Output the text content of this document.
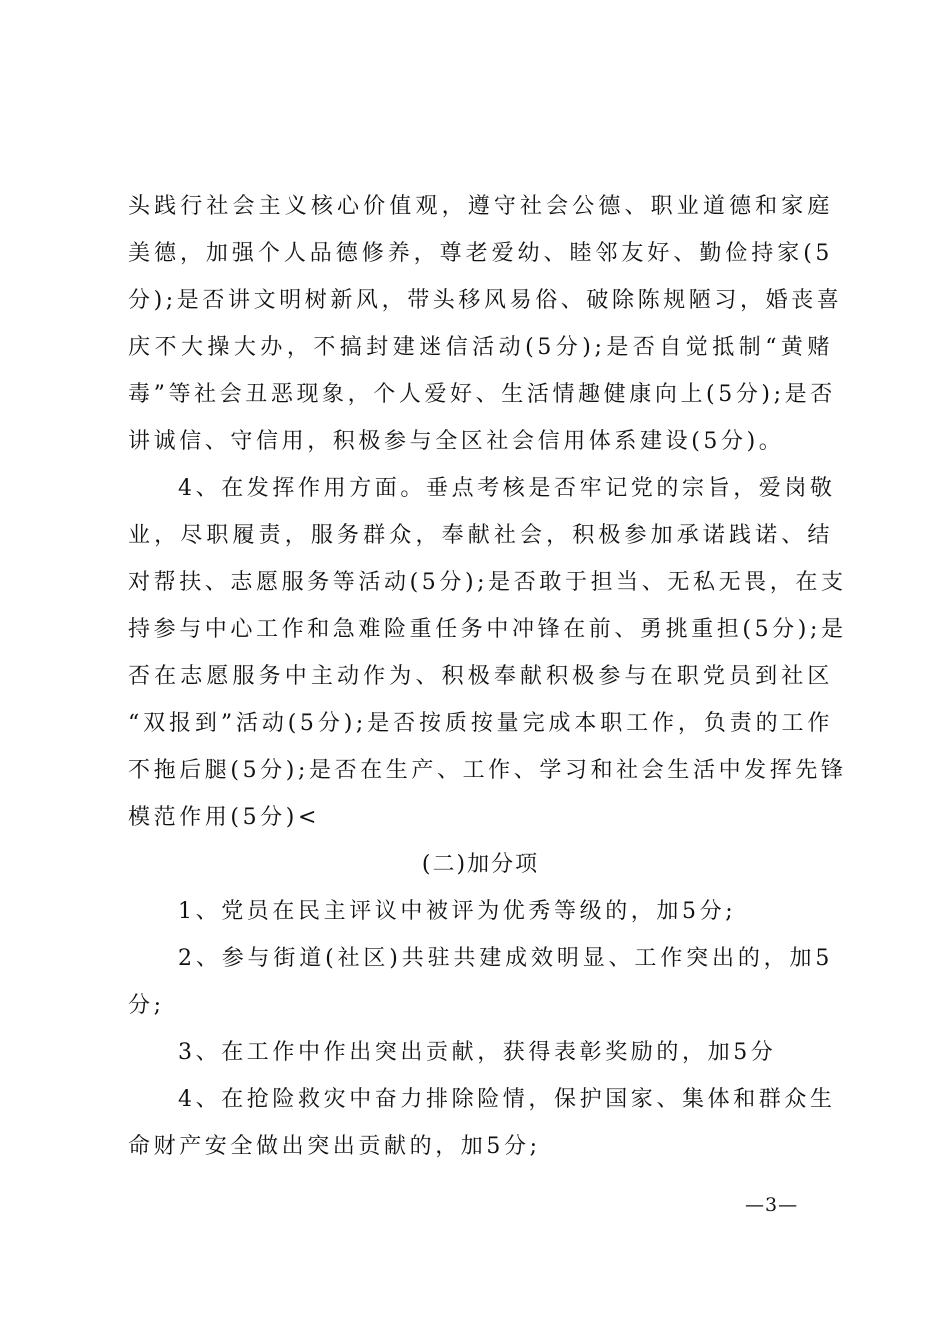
头践行社会主义核心价值观，遵守社会公德、职业道德和家庭
美德，加强个人品德修养，尊老爱幼、睦邻友好、勤俭持家(5
分);是否讲文明树新风，带头移风易俗、破除陈规陋习，婚丧喜
庆不大操大办，不搞封建迷信活动(5分);是否自觉抵制“黄赌
毒”等社会丑恶现象，个人爱好、生活情趣健康向上(5分);是否
讲诚信、守信用，积极参与全区社会信用体系建设(5分)。
4、在发挥作用方面。垂点考核是否牢记党的宗旨，爱岗敬
业，尽职履责，服务群众，奉献社会，积极参加承诺践诺、结
对帮扶、志愿服务等活动(5分);是否敢于担当、无私无畏，在支
持参与中心工作和急难险重任务中冲锋在前、勇挑重担(5分);是
否在志愿服务中主动作为、积极奉献积极参与在职党员到社区
“双报到”活动(5分);是否按质按量完成本职工作，负责的工作
不拖后腿(5分);是否在生产、工作、学习和社会生活中发挥先锋
模范作用(5分)<
(二)加分项
1、党员在民主评议中被评为优秀等级的，加5分;
2、参与街道(社区)共驻共建成效明显、工作突出的，加5
分;
3、在工作中作出突出贡献，获得表彰奖励的，加5分
4、在抢险救灾中奋力排除险情，保护国家、集体和群众生
命财产安全做出突出贡献的，加5分;
—3—
